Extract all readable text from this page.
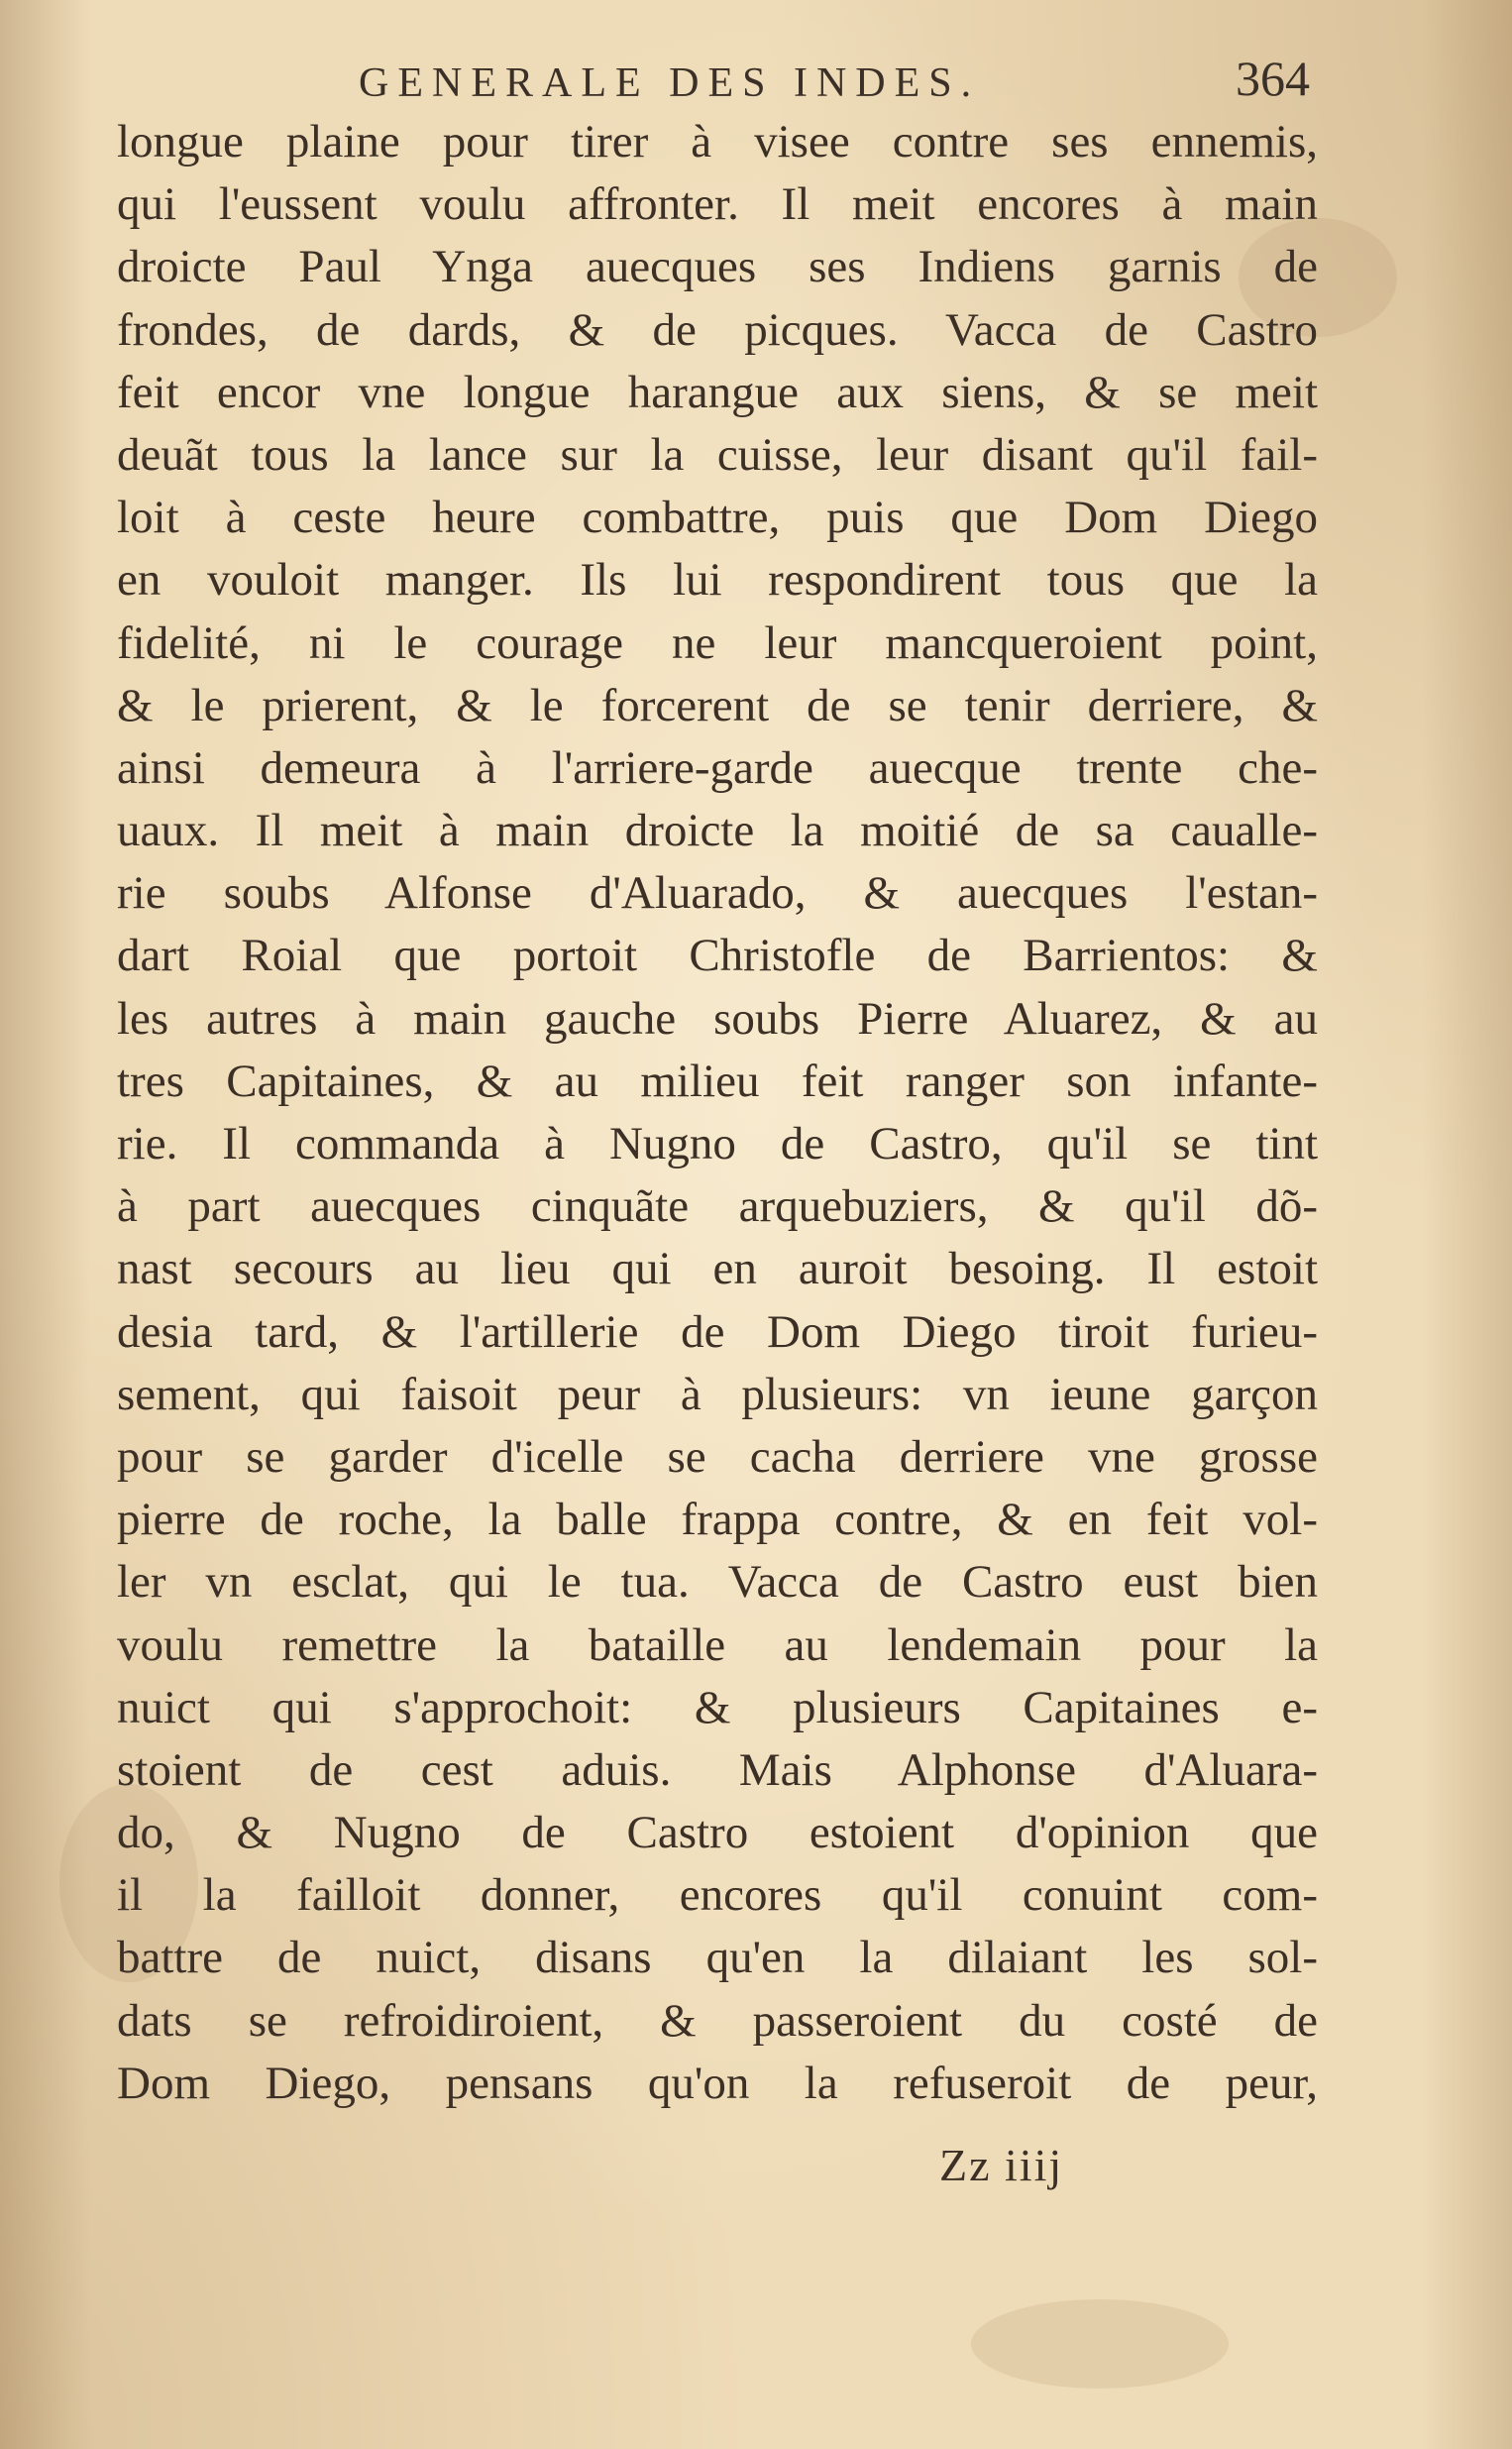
GENERALE DES INDES.	364
longue plaine pour tirer à visee contre ses ennemis,
qui l'eussent voulu affronter. Il meit encores à main
droicte Paul Ynga auecques ses Indiens garnis de
frondes, de dards, & de picques. Vacca de Castro
feit encor vne longue harangue aux siens, & se meit
deuãt tous la lance sur la cuisse, leur disant qu'il fail-
loit à ceste heure combattre, puis que Dom Diego
en vouloit manger. Ils lui respondirent tous que la
fidelité, ni le courage ne leur mancqueroient point,
& le prierent, & le forcerent de se tenir derriere, &
ainsi demeura à l'arriere-garde auecque trente che-
uaux. Il meit à main droicte la moitié de sa caualle-
rie soubs Alfonse d'Aluarado, & auecques l'estan-
dart Roial que portoit Christofle de Barrientos: &
les autres à main gauche soubs Pierre Aluarez, & au
tres Capitaines, & au milieu feit ranger son infante-
rie. Il commanda à Nugno de Castro, qu'il se tint
à part auecques cinquãte arquebuziers, & qu'il dõ-
nast secours au lieu qui en auroit besoing. Il estoit
desia tard, & l'artillerie de Dom Diego tiroit furieu-
sement, qui faisoit peur à plusieurs: vn ieune garçon
pour se garder d'icelle se cacha derriere vne grosse
pierre de roche, la balle frappa contre, & en feit vol-
ler vn esclat, qui le tua. Vacca de Castro eust bien
voulu remettre la bataille au lendemain pour la
nuict qui s'approchoit: & plusieurs Capitaines e-
stoient de cest aduis. Mais Alphonse d'Aluara-
do, & Nugno de Castro estoient d'opinion que
il la failloit donner, encores qu'il conuint com-
battre de nuict, disans qu'en la dilaiant les sol-
dats se refroidiroient, & passeroient du costé de
Dom Diego, pensans qu'on la refuseroit de peur,
Zz iiij
